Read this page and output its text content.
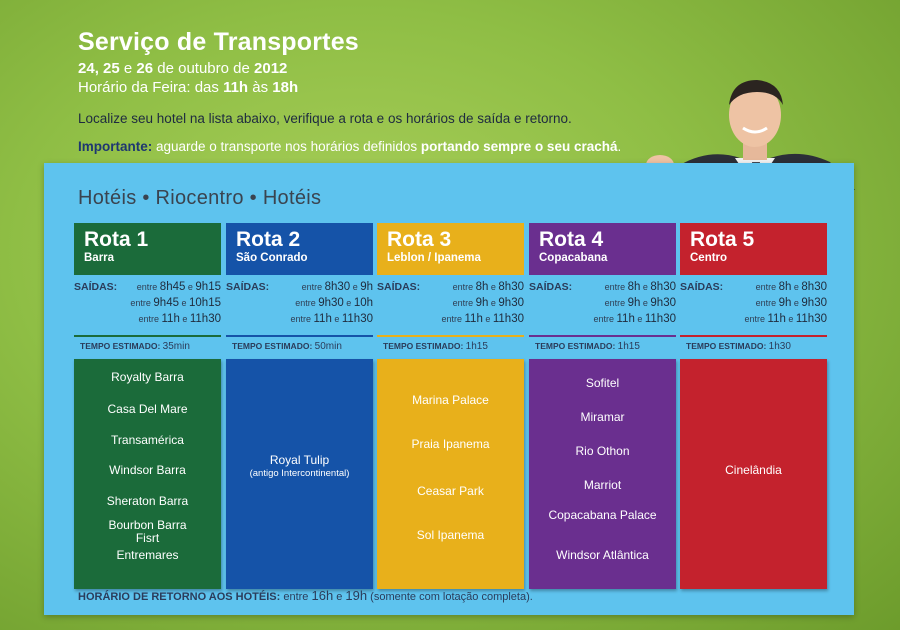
Serviço de Transportes
24, 25 e 26 de outubro de 2012
Horário da Feira: das 11h às 18h
Localize seu hotel na lista abaixo, verifique a rota e os horários de saída e retorno.
Importante: aguarde o transporte nos horários definidos portando sempre o seu crachá.
Hotéis • Riocentro • Hotéis
Rota 1
Barra
SAÍDAS: entre 8h45 e 9h15
entre 9h45 e 10h15
entre 11h e 11h30
TEMPO ESTIMADO: 35min
Royalty Barra
Casa Del Mare
Transamérica
Windsor Barra
Sheraton Barra
Bourbon Barra Fisrt
Entremares
Rota 2
São Conrado
SAÍDAS:	entre 8h30 e 9h
entre 9h30 e 10h
entre 11h e 11h30
TEMPO ESTIMADO: 50min
Royal Tulip
(antigo Intercontinental)
Rota 3
Leblon / Ipanema
SAÍDAS:	entre 8h e 8h30
entre 9h e 9h30
entre 11h e 11h30
TEMPO ESTIMADO: 1h15
Marina Palace
Praia Ipanema
Ceasar Park
Sol Ipanema
Rota 4
Copacabana
SAÍDAS:	entre 8h e 8h30
entre 9h e 9h30
entre 11h e 11h30
TEMPO ESTIMADO: 1h15
Sofitel
Miramar
Rio Othon
Marriot
Copacabana Palace
Windsor Atlântica
Rota 5
Centro
SAÍDAS:	entre 8h e 8h30
entre 9h e 9h30
entre 11h e 11h30
TEMPO ESTIMADO: 1h30
Cinelândia
HORÁRIO DE RETORNO AOS HOTÉIS: entre 16h e 19h (somente com lotação completa).
